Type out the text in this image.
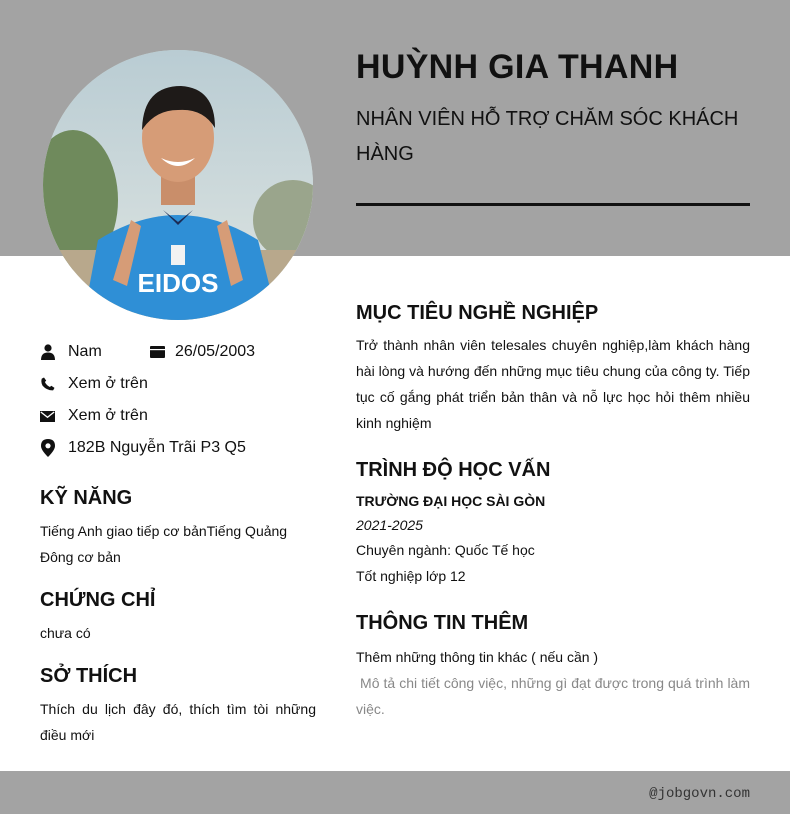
EIDOS
HUỲNH GIA THANH
NHÂN VIÊN HỖ TRỢ CHĂM SÓC KHÁCH HÀNG
Nam	26/05/2003
Xem ở trên
Xem ở trên
182B Nguyễn Trãi P3 Q5
KỸ NĂNG
Tiếng Anh giao tiếp cơ bảnTiếng Quảng Đông cơ bản
CHỨNG CHỈ
chưa có
SỞ THÍCH
Thích du lịch đây đó, thích tìm tòi những điều mới
MỤC TIÊU NGHỀ NGHIỆP
Trở thành nhân viên telesales chuyên nghiệp,làm khách hàng hài lòng và hướng đến những mục tiêu chung của công ty. Tiếp tục cố gắng phát triển bản thân và nỗ lực học hỏi thêm nhiều kinh nghiệm
TRÌNH ĐỘ HỌC VẤN
TRƯỜNG ĐẠI HỌC SÀI GÒN
2021-2025
Chuyên ngành: Quốc Tế học
Tốt nghiệp lớp 12
THÔNG TIN THÊM
Thêm những thông tin khác ( nếu cần )
Mô tả chi tiết công việc, những gì đạt được trong quá trình làm việc.
@jobgovn.com
